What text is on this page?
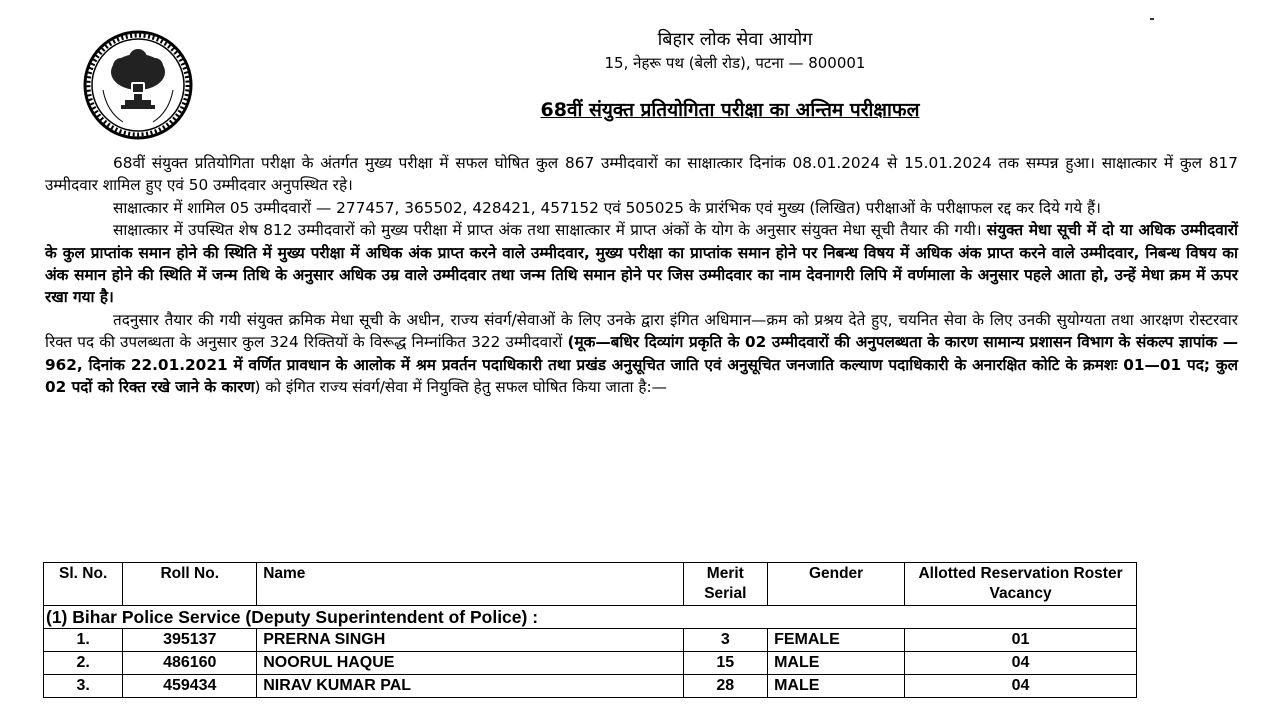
बिहार लोक सेवा आयोग
15, नेहरू पथ (बेली रोड), पटना — 800001
68वीं संयुक्त प्रतियोगिता परीक्षा का अन्तिम परीक्षाफल

68वीं संयुक्त प्रतियोगिता परीक्षा के अंतर्गत मुख्य परीक्षा में सफल घोषित कुल 867 उम्मीदवारों का साक्षात्कार दिनांक 08.01.2024 से 15.01.2024 तक सम्पन्न हुआ। साक्षात्कार में कुल 817 उम्मीदवार शामिल हुए एवं 50 उम्मीदवार अनुपस्थित रहे।

साक्षात्कार में शामिल 05 उम्मीदवारों — 277457, 365502, 428421, 457152 एवं 505025 के प्रारंभिक एवं मुख्य (लिखित) परीक्षाओं के परीक्षाफल रद्द कर दिये गये हैं।

साक्षात्कार में उपस्थित शेष 812 उम्मीदवारों को मुख्य परीक्षा में प्राप्त अंक तथा साक्षात्कार में प्राप्त अंकों के योग के अनुसार संयुक्त मेधा सूची तैयार की गयी। संयुक्त मेधा सूची में दो या अधिक उम्मीदवारों के कुल प्राप्तांक समान होने की स्थिति में मुख्य परीक्षा में अधिक अंक प्राप्त करने वाले उम्मीदवार, मुख्य परीक्षा का प्राप्तांक समान होने पर निबन्ध विषय में अधिक अंक प्राप्त करने वाले उम्मीदवार, निबन्ध विषय का अंक समान होने की स्थिति में जन्म तिथि के अनुसार अधिक उम्र वाले उम्मीदवार तथा जन्म तिथि समान होने पर जिस उम्मीदवार का नाम देवनागरी लिपि में वर्णमाला के अनुसार पहले आता हो, उन्हें मेधा क्रम में ऊपर रखा गया है।

तदनुसार तैयार की गयी संयुक्त क्रमिक मेधा सूची के अधीन, राज्य संवर्ग/सेवाओं के लिए उनके द्वारा इंगित अधिमान—क्रम को प्रश्रय देते हुए, चयनित सेवा के लिए उनकी सुयोग्यता तथा आरक्षण रोस्टरवार रिक्त पद की उपलब्धता के अनुसार कुल 324 रिक्तियों के विरूद्ध निम्नांकित 322 उम्मीदवारों (मूक—बधिर दिव्यांग प्रकृति के 02 उम्मीदवारों की अनुपलब्धता के कारण सामान्य प्रशासन विभाग के संकल्प ज्ञापांक — 962, दिनांक 22.01.2021 में वर्णित प्रावधान के आलोक में श्रम प्रवर्तन पदाधिकारी तथा प्रखंड अनुसूचित जाति एवं अनुसूचित जनजाति कल्याण पदाधिकारी के अनारक्षित कोटि के क्रमशः 01—01 पद; कुल 02 पदों को रिक्त रखे जाने के कारण) को इंगित राज्य संवर्ग/सेवा में नियुक्ति हेतु सफल घोषित किया जाता है:—

Sl. No.	Roll No.	Name	Merit Serial	Gender	Allotted Reservation Roster Vacancy
(1) Bihar Police Service (Deputy Superintendent of Police) :					
1.	395137	PRERNA SINGH	3	FEMALE	01
2.	486160	NOORUL HAQUE	15	MALE	04
3.	459434	NIRAV KUMAR PAL	28	MALE	04
